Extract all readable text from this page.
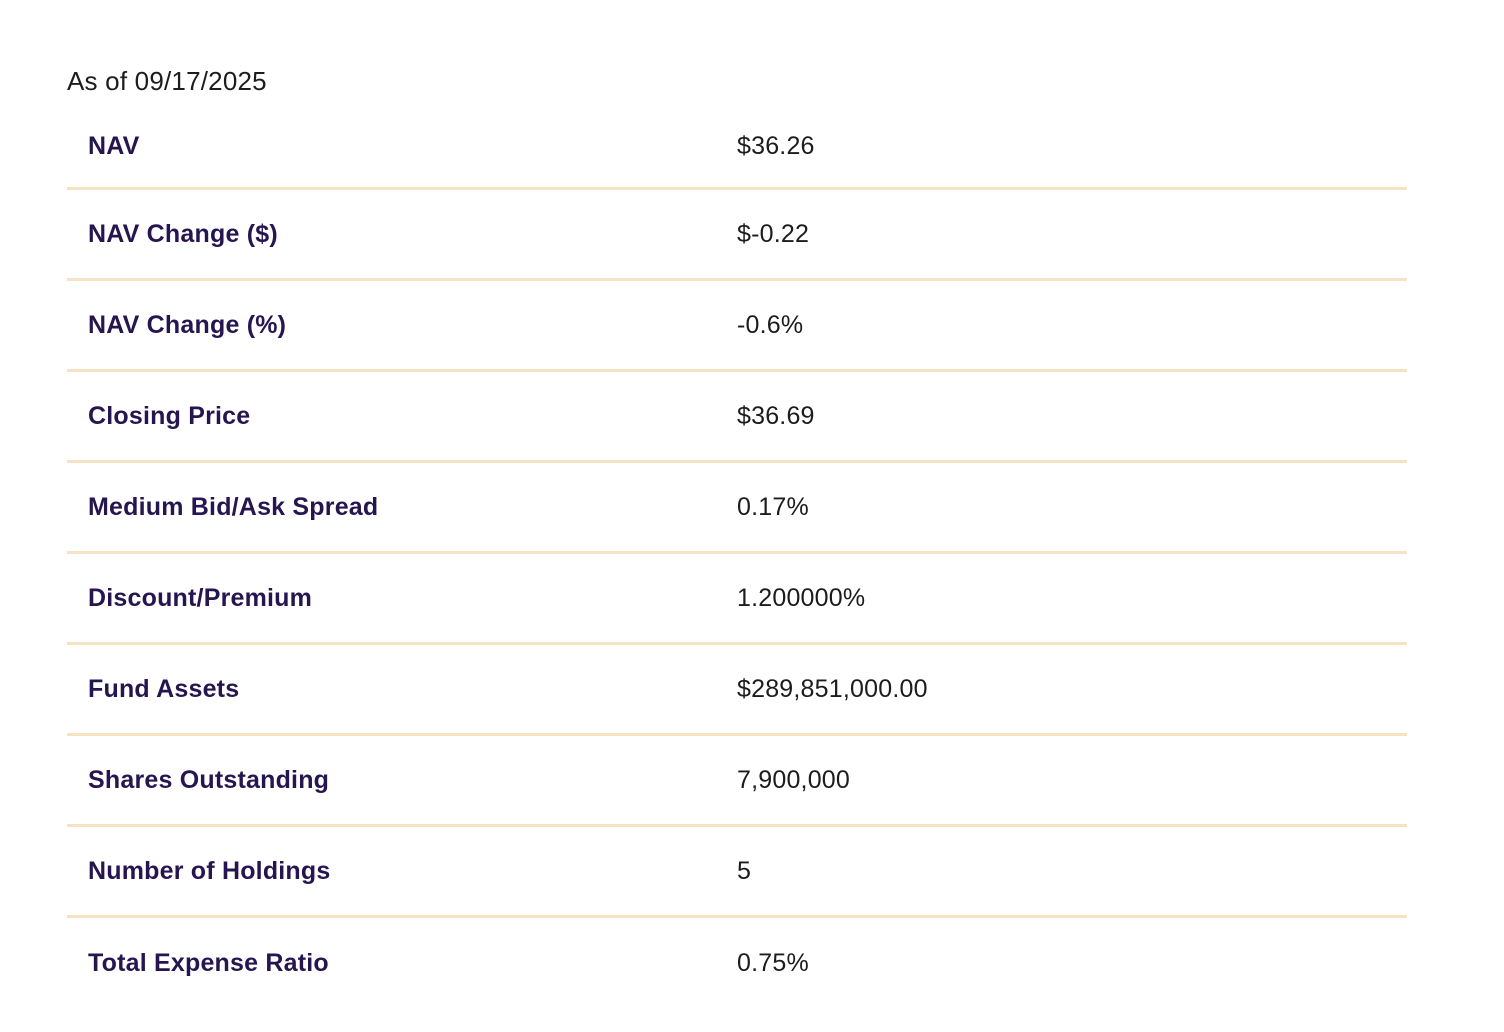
As of 09/17/2025
NAV	$36.26
NAV Change ($)	$-0.22
NAV Change (%)	-0.6%
Closing Price	$36.69
Medium Bid/Ask Spread	0.17%
Discount/Premium	1.200000%
Fund Assets	$289,851,000.00
Shares Outstanding	7,900,000
Number of Holdings	5
Total Expense Ratio	0.75%
